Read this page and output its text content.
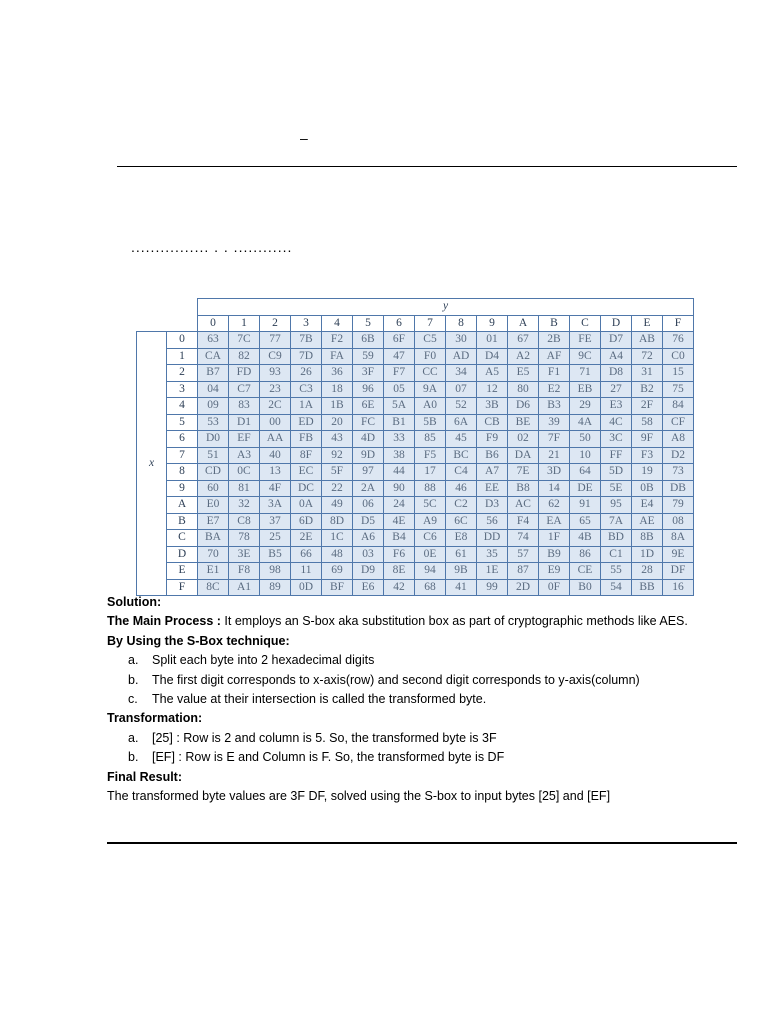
–
................ . . ............
		y															
		0	1	2	3	4	5	6	7	8	9	A	B	C	D	E	F
x	0	63	7C	77	7B	F2	6B	6F	C5	30	01	67	2B	FE	D7	AB	76
	1	CA	82	C9	7D	FA	59	47	F0	AD	D4	A2	AF	9C	A4	72	C0
	2	B7	FD	93	26	36	3F	F7	CC	34	A5	E5	F1	71	D8	31	15
	3	04	C7	23	C3	18	96	05	9A	07	12	80	E2	EB	27	B2	75
	4	09	83	2C	1A	1B	6E	5A	A0	52	3B	D6	B3	29	E3	2F	84
	5	53	D1	00	ED	20	FC	B1	5B	6A	CB	BE	39	4A	4C	58	CF
	6	D0	EF	AA	FB	43	4D	33	85	45	F9	02	7F	50	3C	9F	A8
	7	51	A3	40	8F	92	9D	38	F5	BC	B6	DA	21	10	FF	F3	D2
	8	CD	0C	13	EC	5F	97	44	17	C4	A7	7E	3D	64	5D	19	73
	9	60	81	4F	DC	22	2A	90	88	46	EE	B8	14	DE	5E	0B	DB
	A	E0	32	3A	0A	49	06	24	5C	C2	D3	AC	62	91	95	E4	79
	B	E7	C8	37	6D	8D	D5	4E	A9	6C	56	F4	EA	65	7A	AE	08
	C	BA	78	25	2E	1C	A6	B4	C6	E8	DD	74	1F	4B	BD	8B	8A
	D	70	3E	B5	66	48	03	F6	0E	61	35	57	B9	86	C1	1D	9E
	E	E1	F8	98	11	69	D9	8E	94	9B	1E	87	E9	CE	55	28	DF
	F	8C	A1	89	0D	BF	E6	42	68	41	99	2D	0F	B0	54	BB	16

Solution:

The Main Process : It employs an S-box aka substitution box as part of cryptographic methods like AES.

By Using the S-Box technique:

a. Split each byte into 2 hexadecimal digits
b. The first digit corresponds to x-axis(row) and second digit corresponds to y-axis(column)
c. The value at their intersection is called the transformed byte.

Transformation:

a. [25] : Row is 2 and column is 5. So, the transformed byte is 3F
b. [EF] : Row is E and Column is F. So, the transformed byte is DF

Final Result:

The transformed byte values are 3F DF, solved using the S-box to input bytes [25] and [EF]
